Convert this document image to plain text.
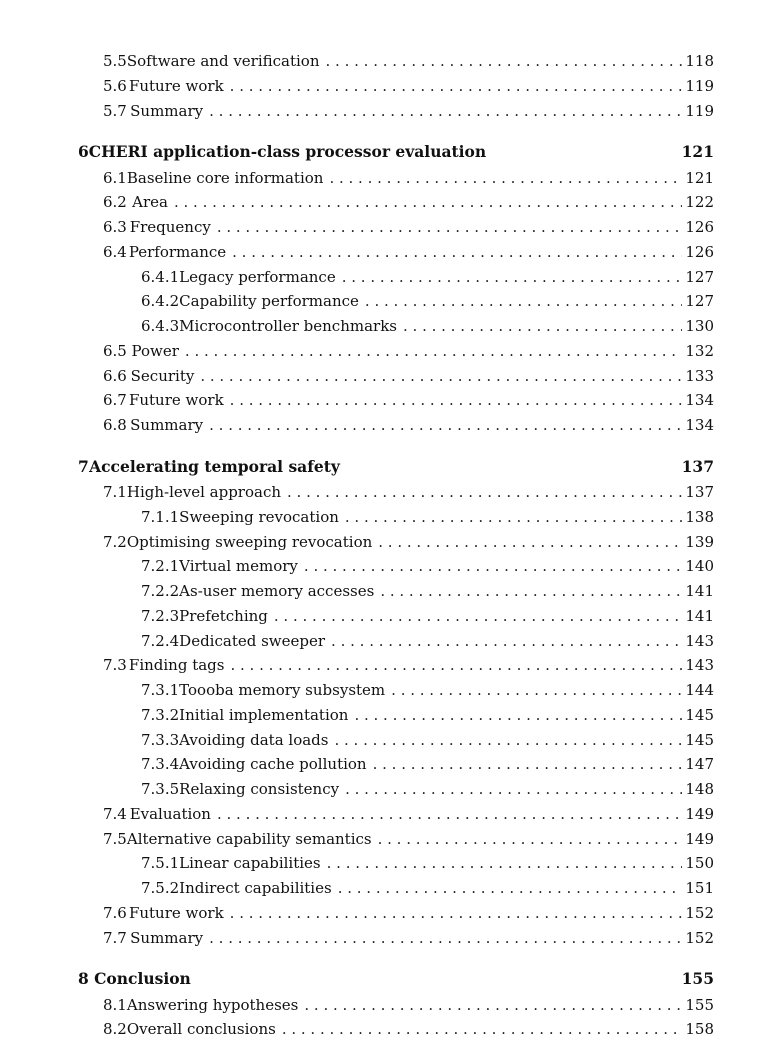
5.5 Software and verification . . .	118
5.6 Future work . . .	119
5.7 Summary . . .	119
6 CHERI application-class processor evaluation	121
6.1 Baseline core information . . .	121
6.2 Area . . .	122
6.3 Frequency . . .	126
6.4 Performance . . .	126
6.4.1 Legacy performance . . .	127
6.4.2 Capability performance . . .	127
6.4.3 Microcontroller benchmarks . . .	130
6.5 Power . . .	132
6.6 Security . . .	133
6.7 Future work . . .	134
6.8 Summary . . .	134
7 Accelerating temporal safety	137
7.1 High-level approach . . .	137
7.1.1 Sweeping revocation . . .	138
7.2 Optimising sweeping revocation . . .	139
7.2.1 Virtual memory . . .	140
7.2.2 As-user memory accesses . . .	141
7.2.3 Prefetching . . .	141
7.2.4 Dedicated sweeper . . .	143
7.3 Finding tags . . .	143
7.3.1 Toooba memory subsystem . . .	144
7.3.2 Initial implementation . . .	145
7.3.3 Avoiding data loads . . .	145
7.3.4 Avoiding cache pollution . . .	147
7.3.5 Relaxing consistency . . .	148
7.4 Evaluation . . .	149
7.5 Alternative capability semantics . . .	149
7.5.1 Linear capabilities . . .	150
7.5.2 Indirect capabilities . . .	151
7.6 Future work . . .	152
7.7 Summary . . .	152
8 Conclusion	155
8.1 Answering hypotheses . . .	155
8.2 Overall conclusions . . .	158
